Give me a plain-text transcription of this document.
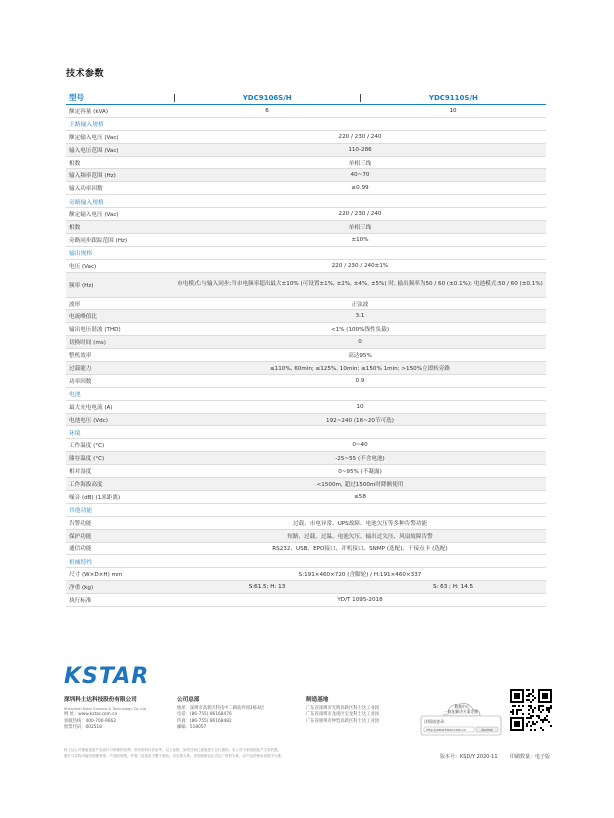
技术参数
型号	YDC9106S/H	YDC9110S/H
额定容量 (kVA)	6	10
主路输入规格
额定输入电压 (Vac)	220 / 230 / 240
输入电压范围 (Vac)	110-286
相数	单相三线
输入频率范围 (Hz)	40~70
输入功率因数	≥0.99
旁路输入规格
额定输入电压 (Vac)	220 / 230 / 240
相数	单相三线
旁路同步跟踪范围 (Hz)	±10%
输出规格
电压 (Vac)	220 / 230 / 240±1%
频率 (Hz)	市电模式:与输入同步;当市电频率超出最大±10% (可设置±1%, ±2%, ±4%, ±5%) 时, 输出频率为50 / 60 (±0.1%); 电池模式:50 / 60 (±0.1%)
波形	正弦波
电流峰值比	3:1
输出电压谐波 (THD)	<1% (100%线性负载)
切换时间 (ms)	0
整机效率	高达95%
过载能力	≤110%, 60min; ≤125%, 10min; ≤150% 1min; >150%立即转旁路
功率因数	0.9
电池
最大充电电流 (A)	10
电池电压 (Vdc)	192~240 (16~20节可选)
环境
工作温度 (°C)	0~40
储存温度 (°C)	-25~55 (不含电池)
相对湿度	0~95% (不凝露)
工作海拔高度	<1500m, 超过1500m时降额使用
噪音 (dB) (1米距离)	≤58
其他功能
告警功能	过载、市电异常、UPS故障、电池欠压等多种告警功能
保护功能	短路、过载、过温、电池欠压、输出过欠压、风扇故障告警
通信功能	RS232、USB、EPO接口、并机接口、SNMP (选配)、干接点卡 (选配)
机械特性
尺寸 (W×D×H) mm	S:191×460×720 (含脚轮) / H:191×460×337
净重 (kg)	S:61.5; H: 13	S: 63 ; H: 14.5
执行标准	YD/T 1095-2018
KSTAR
深圳科士达科技股份有限公司
Shenzhen Kstar Science & Technology Co.,Ltd
网 址：www.kstar.com.cn
客服热线：400-700-9662
股票代码：002518
公司总部
地址：深圳市高新区科技中二路软件园1栋4层
电话：(86-755) 86168476
传真：(86-755) 86168482
邮编：518057
制造基地
广东省深圳市光明高新区科士达工业园
广东省深圳市龙岗区宝龙科士达工业园
广东省惠州市仲恺高新区科士达工业园
数据中心
一体化解决方案定制
详情请登录：
http://www.kstar.com.cn	Access
科士达公司保留更改产品设计与规格的权利，所有资料仅供参考。以上参数，如有任何已更改恕不另行通知；本公司不承担因此产生的后果。
图片与实物可能有细微差别，产品的规格、外观（包括但不限于颜色）以实物为准。详细规格以正式出厂资料为准，以产品的使用说明书为准。	版本号：KSD/Y 2020-11 印刷数量：电子版
